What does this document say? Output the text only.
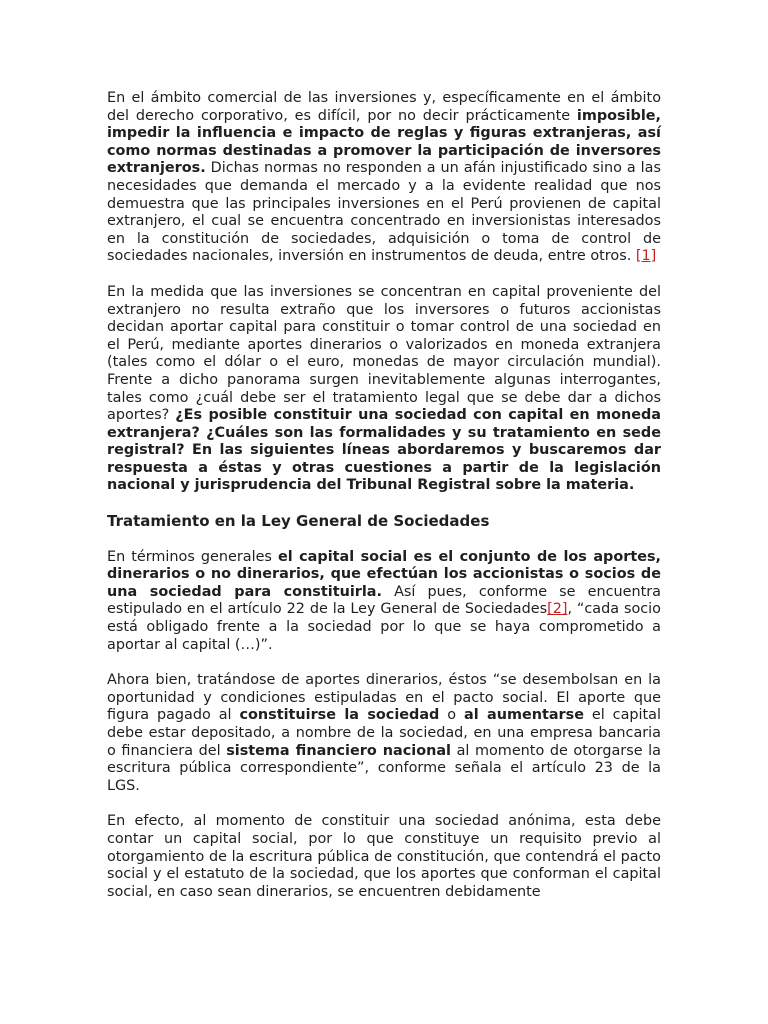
En el ámbito comercial de las inversiones y, específicamente en el ámbito del derecho corporativo, es difícil, por no decir prácticamente imposible, impedir la influencia e impacto de reglas y figuras extranjeras, así como normas destinadas a promover la participación de inversores extranjeros. Dichas normas no responden a un afán injustificado sino a las necesidades que demanda el mercado y a la evidente realidad que nos demuestra que las principales inversiones en el Perú provienen de capital extranjero, el cual se encuentra concentrado en inversionistas interesados en la constitución de sociedades, adquisición o toma de control de sociedades nacionales, inversión en instrumentos de deuda, entre otros. [1]

En la medida que las inversiones se concentran en capital proveniente del extranjero no resulta extraño que los inversores o futuros accionistas decidan aportar capital para constituir o tomar control de una sociedad en el Perú, mediante aportes dinerarios o valorizados en moneda extranjera (tales como el dólar o el euro, monedas de mayor circulación mundial). Frente a dicho panorama surgen inevitablemente algunas interrogantes, tales como ¿cuál debe ser el tratamiento legal que se debe dar a dichos aportes? ¿Es posible constituir una sociedad con capital en moneda extranjera? ¿Cuáles son las formalidades y su tratamiento en sede registral? En las siguientes líneas abordaremos y buscaremos dar respuesta a éstas y otras cuestiones a partir de la legislación nacional y jurisprudencia del Tribunal Registral sobre la materia.

Tratamiento en la Ley General de Sociedades

En términos generales el capital social es el conjunto de los aportes, dinerarios o no dinerarios, que efectúan los accionistas o socios de una sociedad para constituirla. Así pues, conforme se encuentra estipulado en el artículo 22 de la Ley General de Sociedades[2], “cada socio está obligado frente a la sociedad por lo que se haya comprometido a aportar al capital (…)”.

Ahora bien, tratándose de aportes dinerarios, éstos “se desembolsan en la oportunidad y condiciones estipuladas en el pacto social. El aporte que figura pagado al constituirse la sociedad o al aumentarse el capital debe estar depositado, a nombre de la sociedad, en una empresa bancaria o financiera del sistema financiero nacional al momento de otorgarse la escritura pública correspondiente”, conforme señala el artículo 23 de la LGS.

En efecto, al momento de constituir una sociedad anónima, esta debe contar un capital social, por lo que constituye un requisito previo al otorgamiento de la escritura pública de constitución, que contendrá el pacto social y el estatuto de la sociedad, que los aportes que conforman el capital social, en caso sean dinerarios, se encuentren debidamente
